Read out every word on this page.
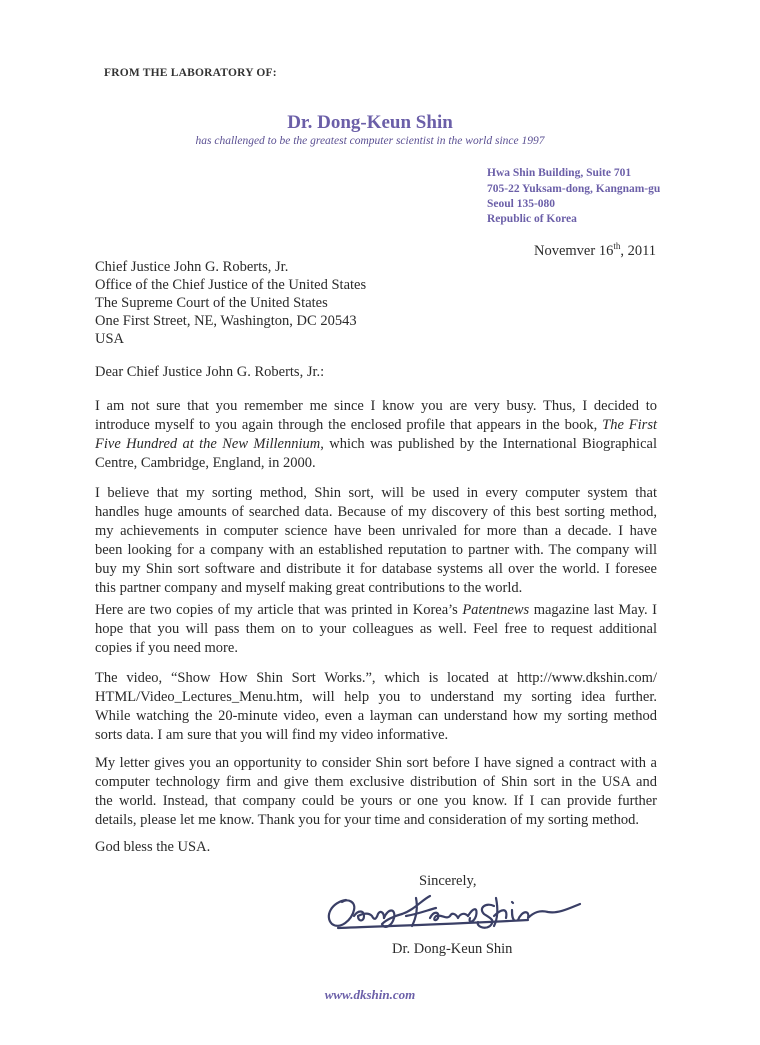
FROM THE LABORATORY OF:
Dr. Dong-Keun Shin
has challenged to be the greatest computer scientist in the world since 1997
Hwa Shin Building, Suite 701
705-22 Yuksam-dong, Kangnam-gu
Seoul 135-080
Republic of Korea
Novemver 16th, 2011
Chief Justice John G. Roberts, Jr.
Office of the Chief Justice of the United States
The Supreme Court of the United States
One First Street, NE, Washington, DC 20543
USA
Dear Chief Justice John G. Roberts, Jr.:
I am not sure that you remember me since I know you are very busy. Thus, I decided to
introduce myself to you again through the enclosed profile that appears in the book, The First
Five Hundred at the New Millennium, which was published by the International Biographical
Centre, Cambridge, England, in 2000.
I believe that my sorting method, Shin sort, will be used in every computer system that
handles huge amounts of searched data. Because of my discovery of this best sorting method,
my achievements in computer science have been unrivaled for more than a decade. I have
been looking for a company with an established reputation to partner with. The company will
buy my Shin sort software and distribute it for database systems all over the world. I foresee
this partner company and myself making great contributions to the world.
Here are two copies of my article that was printed in Korea’s Patentnews magazine last May. I
hope that you will pass them on to your colleagues as well. Feel free to request additional
copies if you need more.
The video, “Show How Shin Sort Works.”, which is located at http://www.dkshin.com/
HTML/Video_Lectures_Menu.htm, will help you to understand my sorting idea further.
While watching the 20-minute video, even a layman can understand how my sorting method
sorts data. I am sure that you will find my video informative.
My letter gives you an opportunity to consider Shin sort before I have signed a contract with a
computer technology firm and give them exclusive distribution of Shin sort in the USA and
the world. Instead, that company could be yours or one you know. If I can provide further
details, please let me know. Thank you for your time and consideration of my sorting method.
God bless the USA.
Sincerely,
Dr. Dong-Keun Shin
www.dkshin.com
